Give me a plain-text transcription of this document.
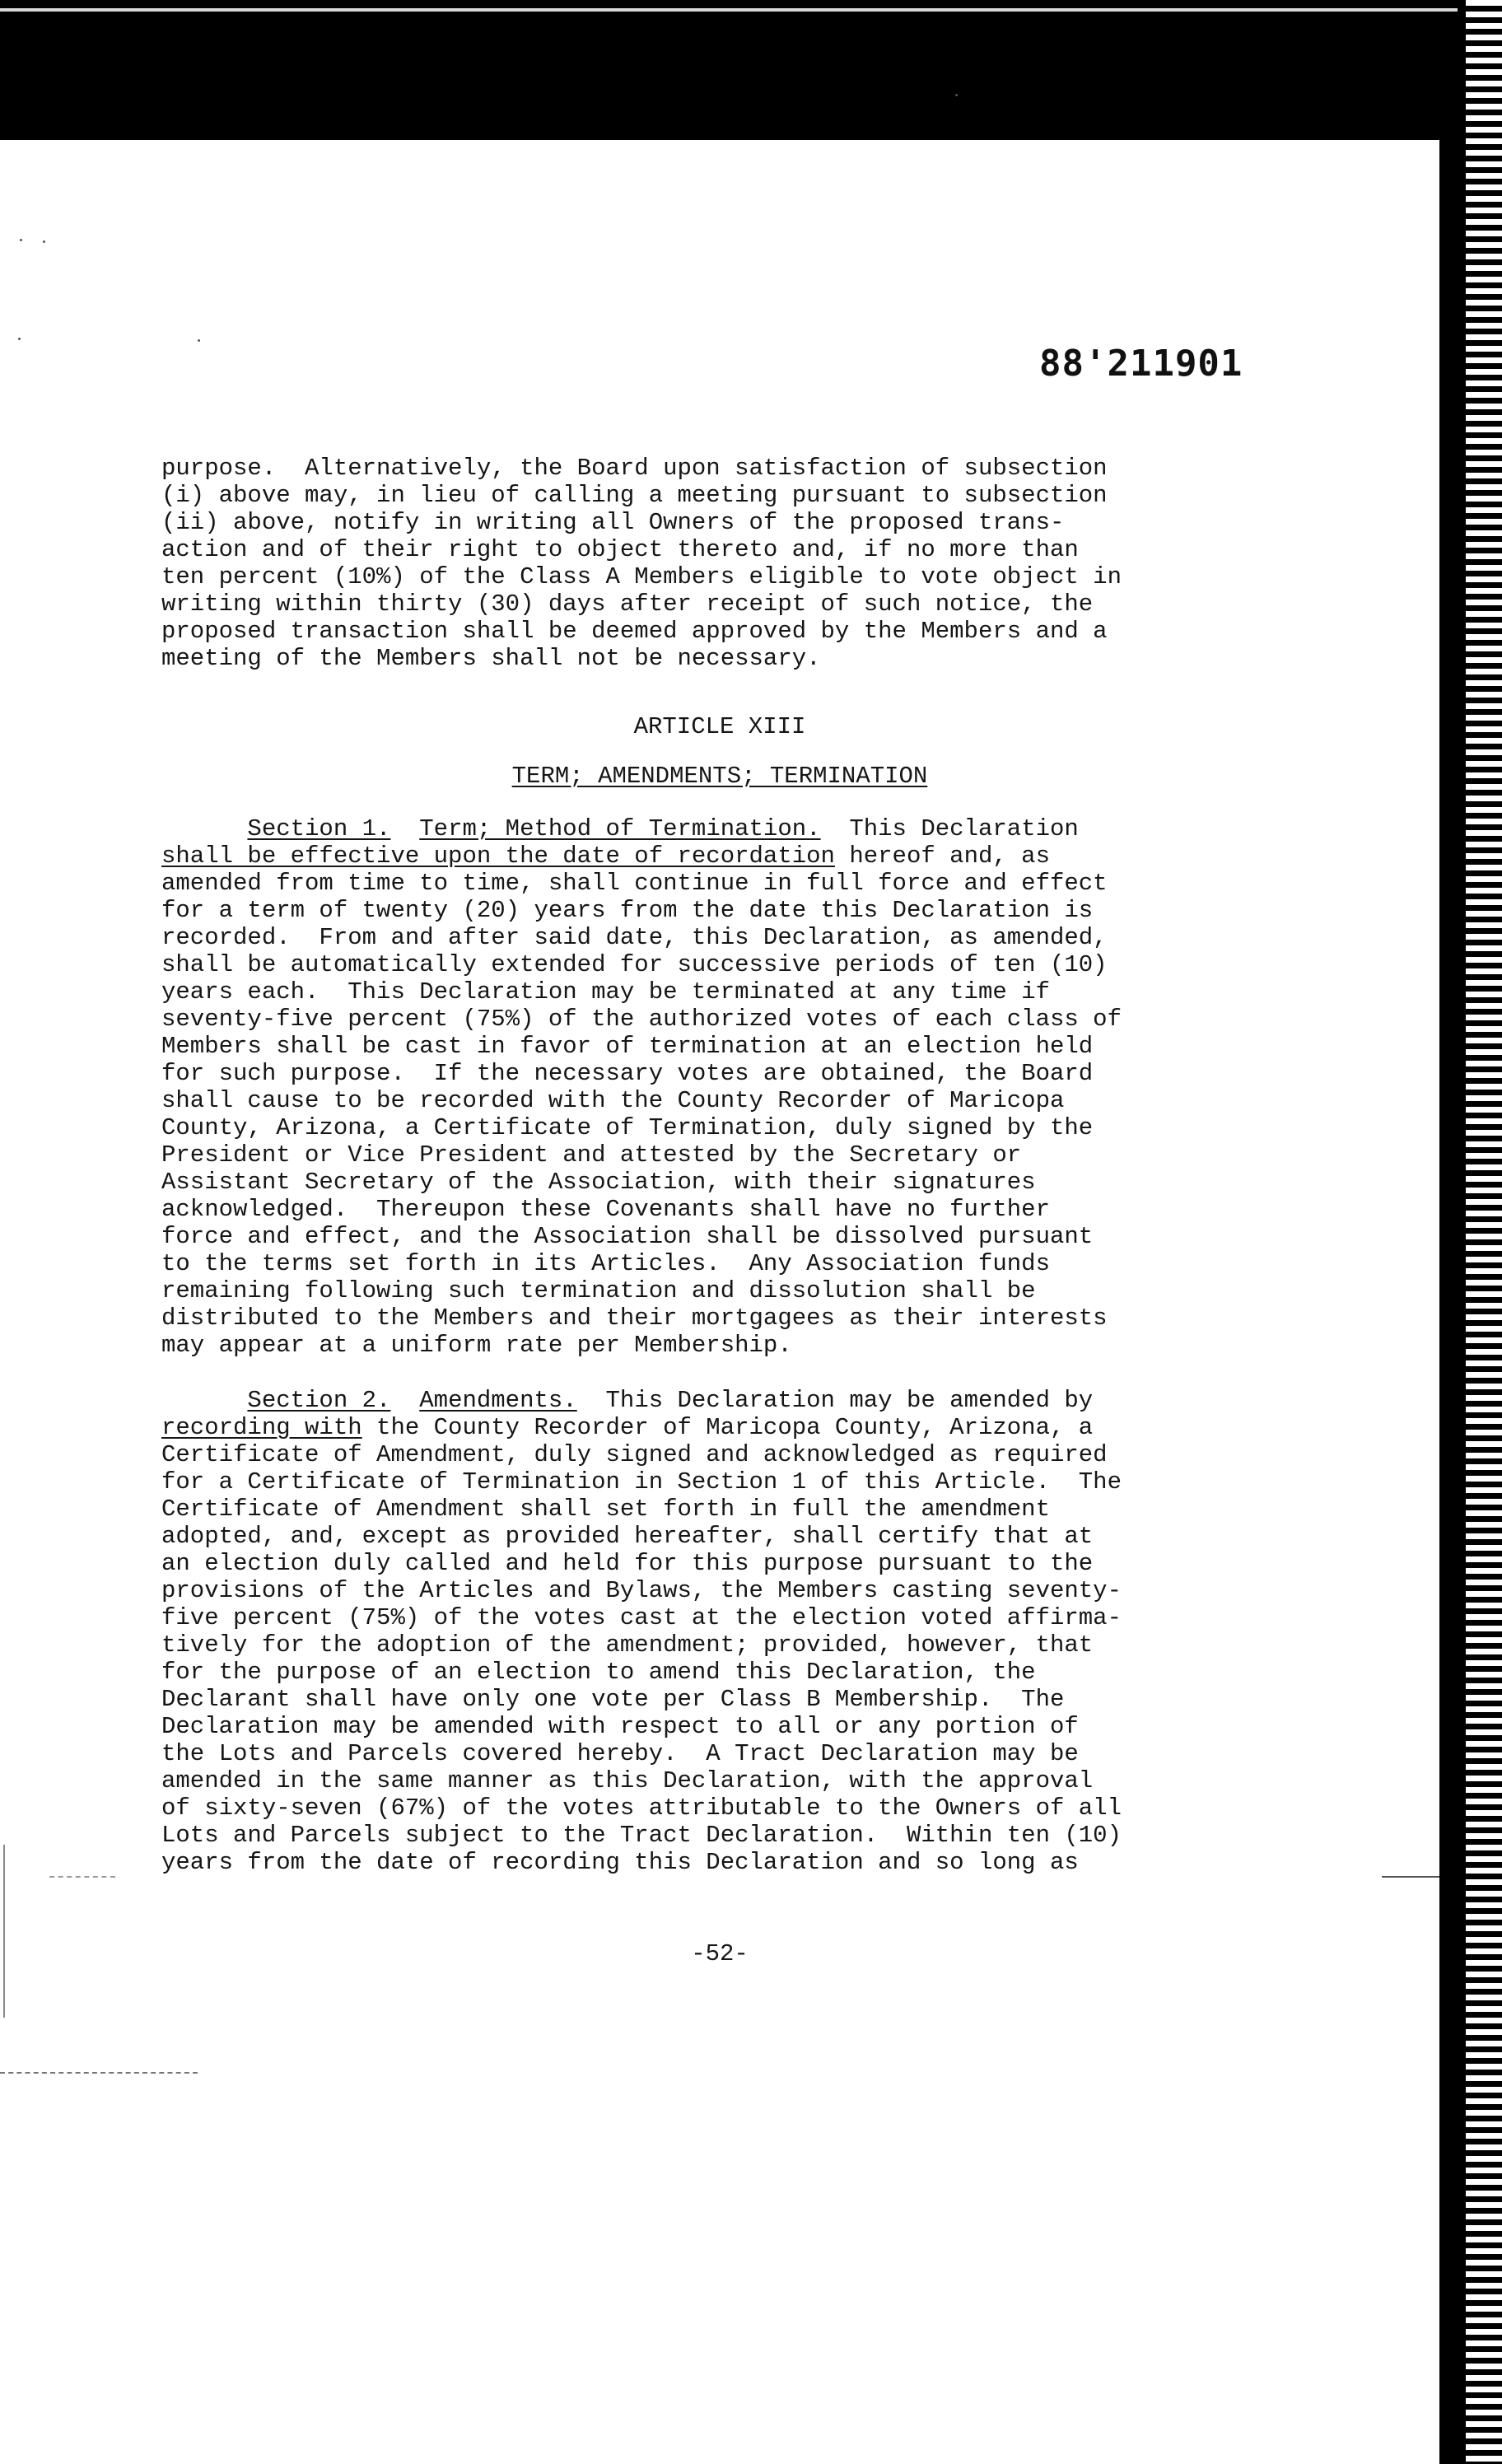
88'211901
purpose.  Alternatively, the Board upon satisfaction of subsection
(i) above may, in lieu of calling a meeting pursuant to subsection
(ii) above, notify in writing all Owners of the proposed trans-
action and of their right to object thereto and, if no more than
ten percent (10%) of the Class A Members eligible to vote object in
writing within thirty (30) days after receipt of such notice, the
proposed transaction shall be deemed approved by the Members and a
meeting of the Members shall not be necessary.
ARTICLE XIII
TERM; AMENDMENTS; TERMINATION
Section 1. Term; Method of Termination.  This Declaration
shall be effective upon the date of recordation hereof and, as
amended from time to time, shall continue in full force and effect
for a term of twenty (20) years from the date this Declaration is
recorded.  From and after said date, this Declaration, as amended,
shall be automatically extended for successive periods of ten (10)
years each.  This Declaration may be terminated at any time if
seventy-five percent (75%) of the authorized votes of each class of
Members shall be cast in favor of termination at an election held
for such purpose.  If the necessary votes are obtained, the Board
shall cause to be recorded with the County Recorder of Maricopa
County, Arizona, a Certificate of Termination, duly signed by the
President or Vice President and attested by the Secretary or
Assistant Secretary of the Association, with their signatures
acknowledged.  Thereupon these Covenants shall have no further
force and effect, and the Association shall be dissolved pursuant
to the terms set forth in its Articles.  Any Association funds
remaining following such termination and dissolution shall be
distributed to the Members and their mortgagees as their interests
may appear at a uniform rate per Membership.
Section 2. Amendments.  This Declaration may be amended by
recording with the County Recorder of Maricopa County, Arizona, a
Certificate of Amendment, duly signed and acknowledged as required
for a Certificate of Termination in Section 1 of this Article.  The
Certificate of Amendment shall set forth in full the amendment
adopted, and, except as provided hereafter, shall certify that at
an election duly called and held for this purpose pursuant to the
provisions of the Articles and Bylaws, the Members casting seventy-
five percent (75%) of the votes cast at the election voted affirma-
tively for the adoption of the amendment; provided, however, that
for the purpose of an election to amend this Declaration, the
Declarant shall have only one vote per Class B Membership.  The
Declaration may be amended with respect to all or any portion of
the Lots and Parcels covered hereby.  A Tract Declaration may be
amended in the same manner as this Declaration, with the approval
of sixty-seven (67%) of the votes attributable to the Owners of all
Lots and Parcels subject to the Tract Declaration.  Within ten (10)
years from the date of recording this Declaration and so long as
-52-
